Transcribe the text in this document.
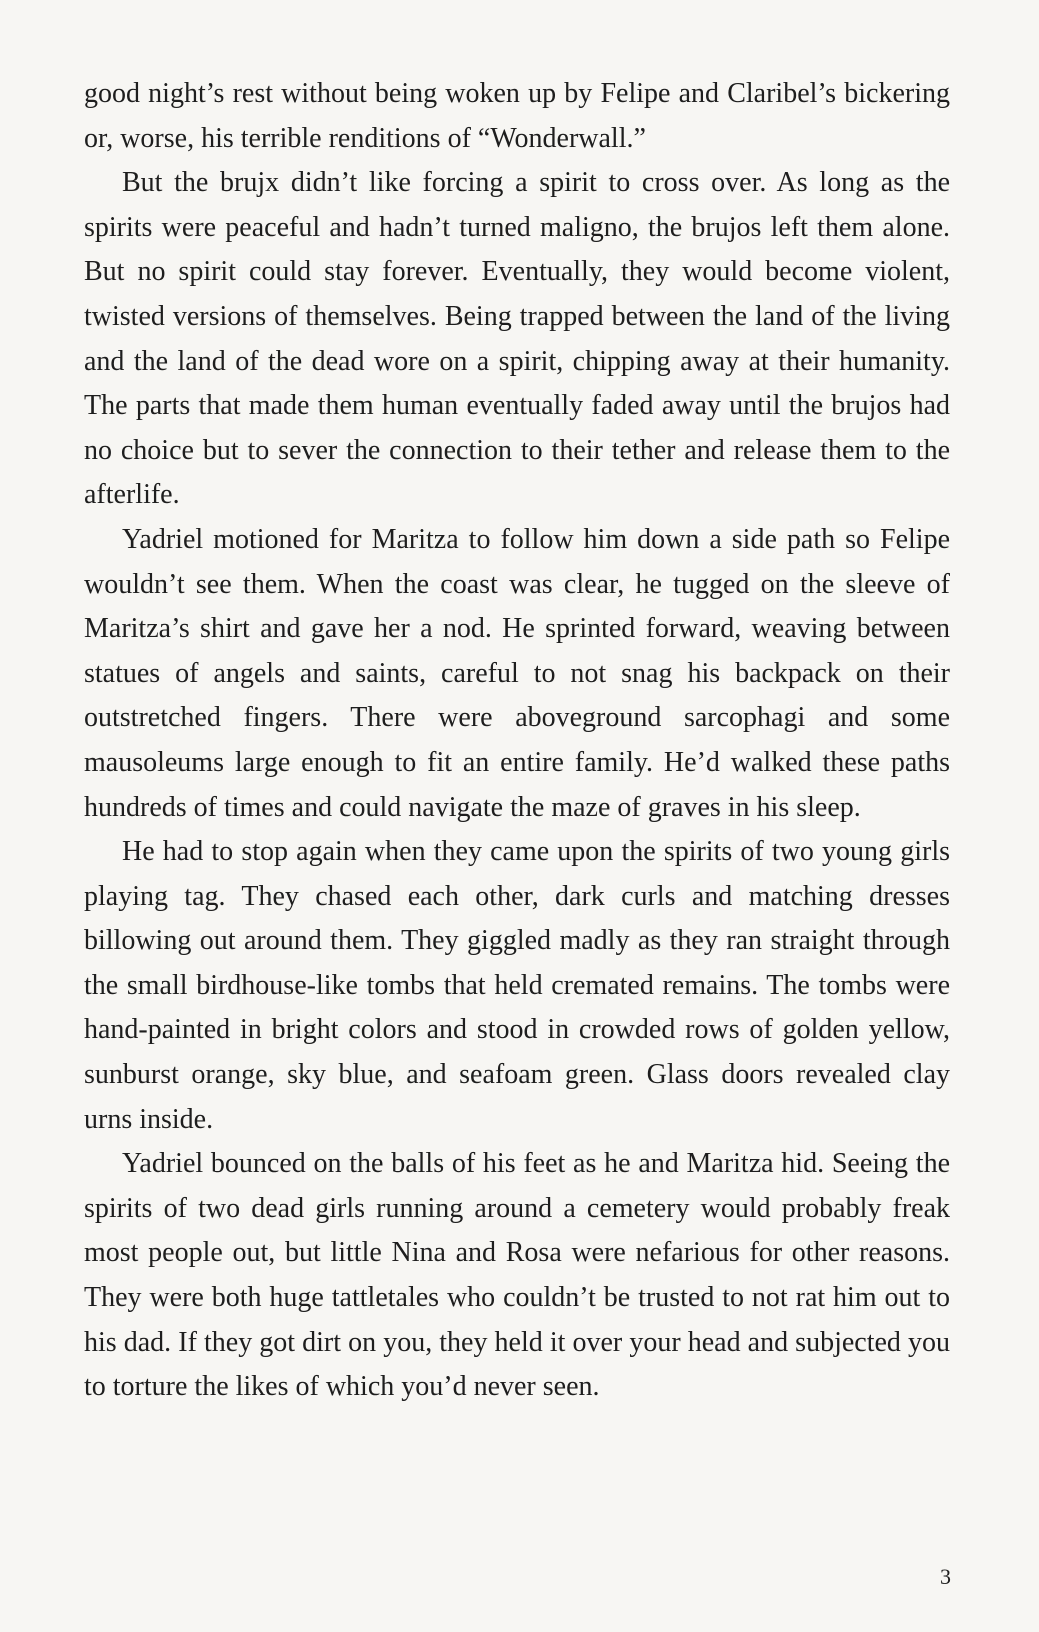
good night’s rest without being woken up by Felipe and Claribel’s bickering or, worse, his terrible renditions of “Wonderwall.”

But the brujx didn’t like forcing a spirit to cross over. As long as the spirits were peaceful and hadn’t turned maligno, the brujos left them alone. But no spirit could stay forever. Eventually, they would become violent, twisted versions of themselves. Being trapped between the land of the living and the land of the dead wore on a spirit, chipping away at their humanity. The parts that made them human eventually faded away until the brujos had no choice but to sever the connection to their tether and release them to the afterlife.

Yadriel motioned for Maritza to follow him down a side path so Felipe wouldn’t see them. When the coast was clear, he tugged on the sleeve of Maritza’s shirt and gave her a nod. He sprinted forward, weaving between statues of angels and saints, careful to not snag his backpack on their outstretched fingers. There were aboveground sarcophagi and some mausoleums large enough to fit an entire family. He’d walked these paths hundreds of times and could navigate the maze of graves in his sleep.

He had to stop again when they came upon the spirits of two young girls playing tag. They chased each other, dark curls and matching dresses billowing out around them. They giggled madly as they ran straight through the small birdhouse-like tombs that held cremated remains. The tombs were hand-painted in bright colors and stood in crowded rows of golden yellow, sunburst orange, sky blue, and seafoam green. Glass doors revealed clay urns inside.

Yadriel bounced on the balls of his feet as he and Maritza hid. Seeing the spirits of two dead girls running around a cemetery would probably freak most people out, but little Nina and Rosa were nefarious for other reasons. They were both huge tattletales who couldn’t be trusted to not rat him out to his dad. If they got dirt on you, they held it over your head and subjected you to torture the likes of which you’d never seen.

3
